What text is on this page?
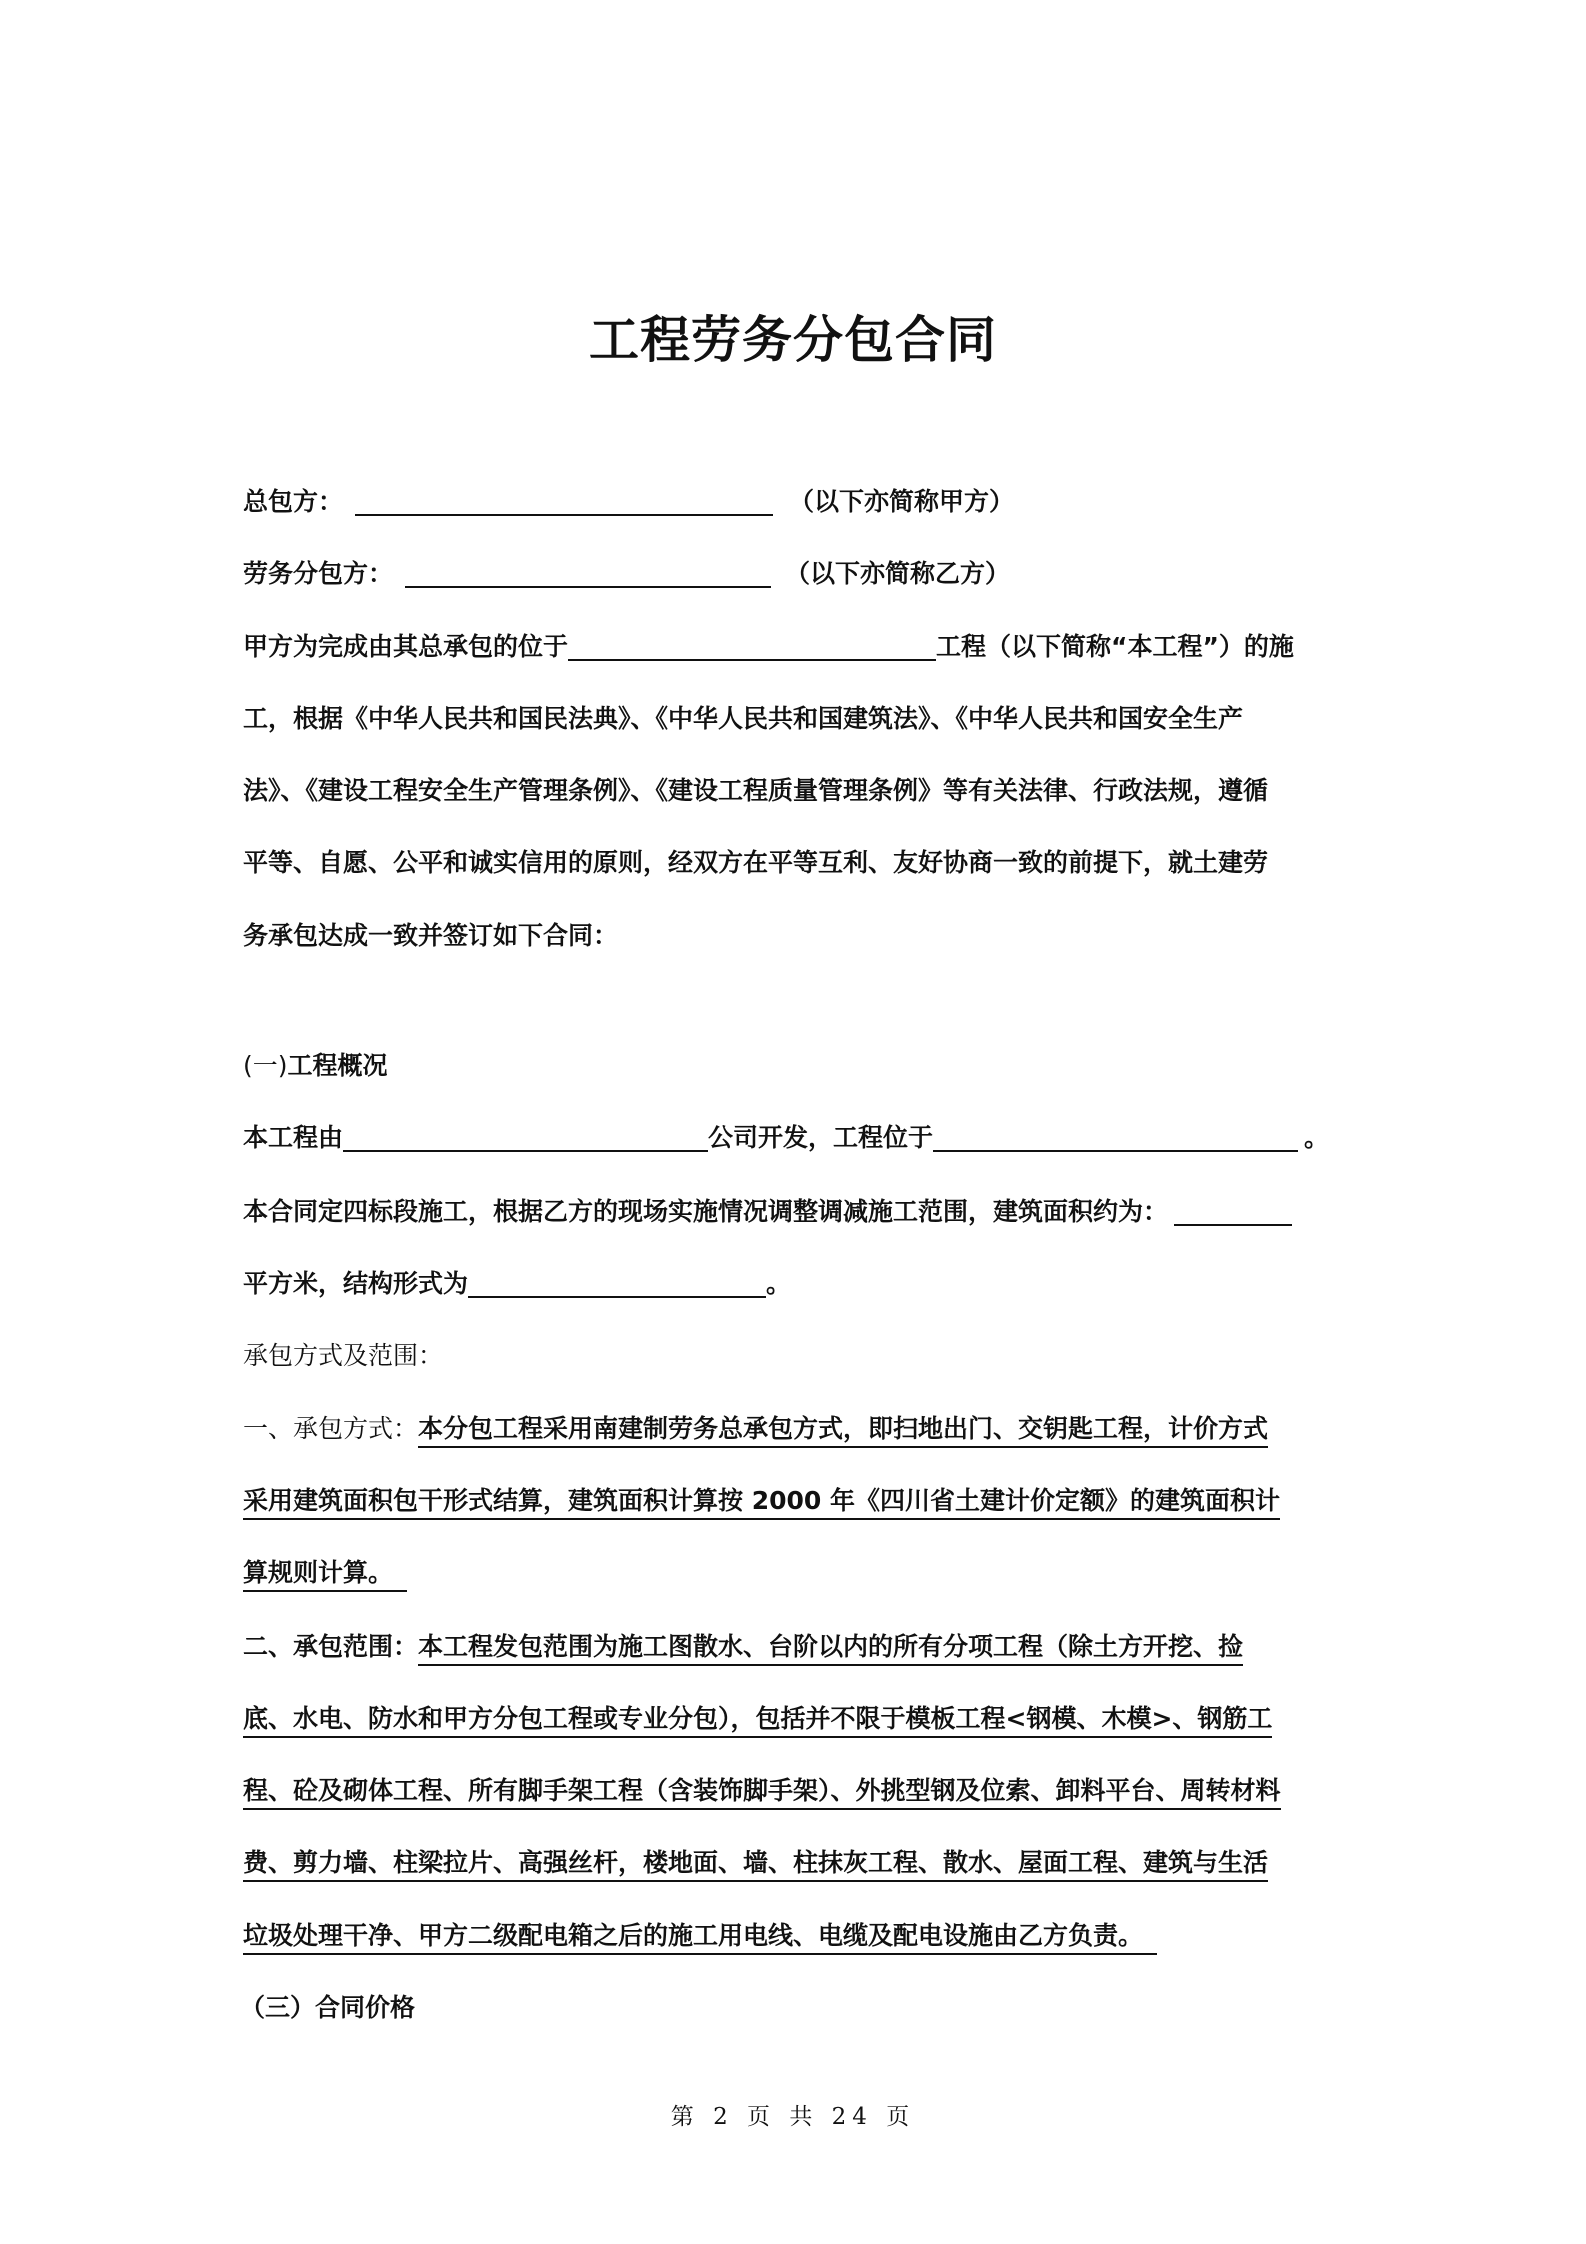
工程劳务分包合同
总包方：	（以下亦简称甲方）
劳务分包方：	（以下亦简称乙方）
甲方为完成由其总承包的位于	工程（以下简称“本工程”）的施
工，根据《中华人民共和国民法典》、《中华人民共和国建筑法》、《中华人民共和国安全生产
法》、《建设工程安全生产管理条例》、《建设工程质量管理条例》等有关法律、行政法规，遵循
平等、自愿、公平和诚实信用的原则，经双方在平等互利、友好协商一致的前提下，就土建劳
务承包达成一致并签订如下合同：
(一)工程概况
本工程由	公司开发，工程位于	。
本合同定四标段施工，根据乙方的现场实施情况调整调减施工范围，建筑面积约为：
平方米，结构形式为	。
承包方式及范围：
一、承包方式：本分包工程采用南建制劳务总承包方式，即扫地出门、交钥匙工程，计价方式
采用建筑面积包干形式结算，建筑面积计算按 2000 年《四川省土建计价定额》的建筑面积计
算规则计算。
二、承包范围：本工程发包范围为施工图散水、台阶以内的所有分项工程（除土方开挖、捡
底、水电、防水和甲方分包工程或专业分包），包括并不限于模板工程<钢模、木模>、钢筋工
程、砼及砌体工程、所有脚手架工程（含装饰脚手架）、外挑型钢及位索、卸料平台、周转材料
费、剪力墙、柱梁拉片、高强丝杆，楼地面、墙、柱抹灰工程、散水、屋面工程、建筑与生活
垃圾处理干净、甲方二级配电箱之后的施工用电线、电缆及配电设施由乙方负责。
（三）合同价格
第 2 页 共 24 页
